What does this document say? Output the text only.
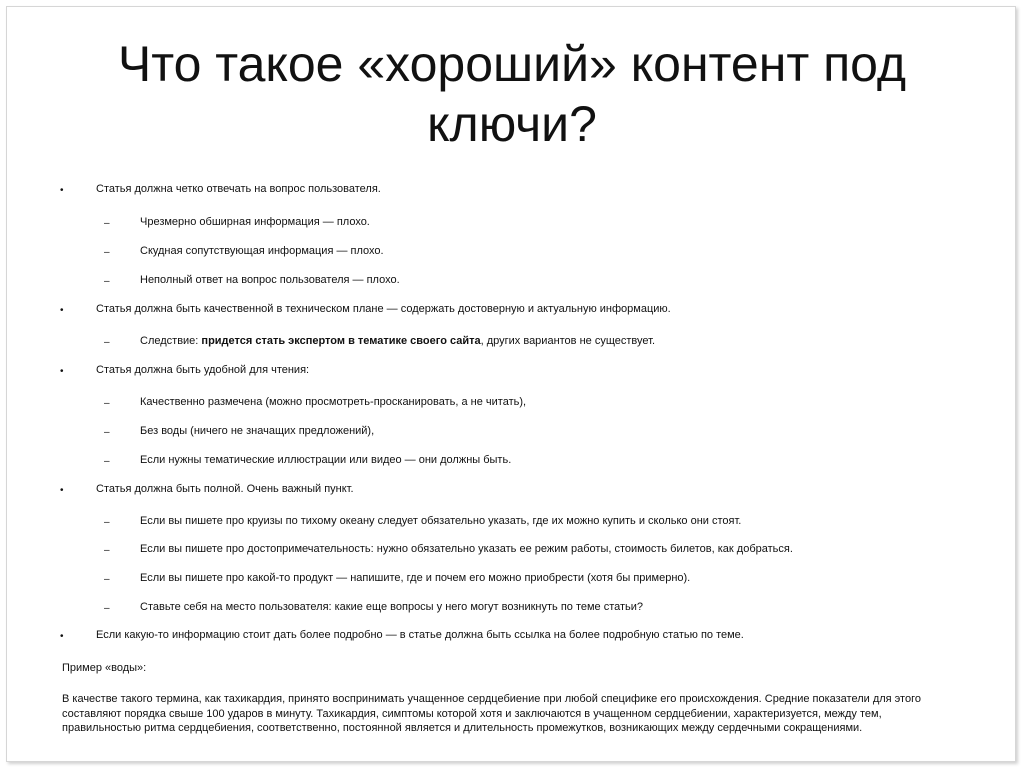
Что такое «хороший» контент под ключи?
•	Статья должна четко отвечать на вопрос пользователя.
–	Чрезмерно обширная информация — плохо.
–	Скудная сопутствующая информация — плохо.
–	Неполный ответ на вопрос пользователя — плохо.
•	Статья должна быть качественной в техническом плане — содержать достоверную и актуальную информацию.
–	Следствие: придется стать экспертом в тематике своего сайта, других вариантов не существует.
•	Статья должна быть удобной для чтения:
–	Качественно размечена (можно просмотреть-просканировать, а не читать),
–	Без воды (ничего не значащих предложений),
–	Если нужны тематические иллюстрации или видео — они должны быть.
•	Статья должна быть полной. Очень важный пункт.
–	Если вы пишете про круизы по тихому океану следует обязательно указать, где их можно купить и сколько они стоят.
–	Если вы пишете про достопримечательность: нужно обязательно указать ее режим работы, стоимость билетов, как добраться.
–	Если вы пишете про какой-то продукт — напишите, где и почем его можно приобрести (хотя бы примерно).
–	Ставьте себя на место пользователя: какие еще вопросы у него могут возникнуть по теме статьи?
•	Если какую-то информацию стоит дать более подробно — в статье должна быть ссылка на более подробную статью по теме.
Пример «воды»:
В качестве такого термина, как тахикардия, принято воспринимать учащенное сердцебиение при любой специфике его происхождения. Средние показатели для этого составляют порядка свыше 100 ударов в минуту. Тахикардия, симптомы которой хотя и заключаются в учащенном сердцебиении, характеризуется, между тем, правильностью ритма сердцебиения, соответственно, постоянной является и длительность промежутков, возникающих между сердечными сокращениями.
